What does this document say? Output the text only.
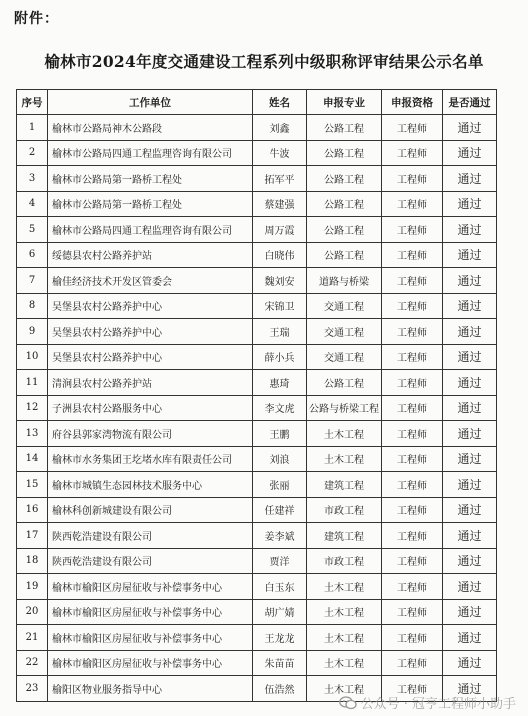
附件：
榆林市2024年度交通建设工程系列中级职称评审结果公示名单
序号	工作单位	姓名	申报专业	申报资格	是否通过
1	榆林市公路局神木公路段	刘鑫	公路工程	工程师	通过
2	榆林市公路局四通工程监理咨询有限公司	牛波	公路工程	工程师	通过
3	榆林市公路局第一路桥工程处	拓军平	公路工程	工程师	通过
4	榆林市公路局第一路桥工程处	蔡建强	公路工程	工程师	通过
5	榆林市公路局四通工程监理咨询有限公司	周万霞	公路工程	工程师	通过
6	绥德县农村公路养护站	白晓伟	公路工程	工程师	通过
7	榆佳经济技术开发区管委会	魏刘安	道路与桥梁	工程师	通过
8	吴堡县农村公路养护中心	宋锦卫	交通工程	工程师	通过
9	吴堡县农村公路养护中心	王瑞	交通工程	工程师	通过
10	吴堡县农村公路养护中心	薛小兵	交通工程	工程师	通过
11	清涧县农村公路养护站	惠琦	公路工程	工程师	通过
12	子洲县农村公路服务中心	李文虎	公路与桥梁工程	工程师	通过
13	府谷县郭家湾物流有限公司	王鹏	土木工程	工程师	通过
14	榆林市水务集团王圪堵水库有限责任公司	刘浪	土木工程	工程师	通过
15	榆林市城镇生态园林技术服务中心	张丽	建筑工程	工程师	通过
16	榆林科创新城建设有限公司	任建祥	市政工程	工程师	通过
17	陕西乾浩建设有限公司	姜李斌	建筑工程	工程师	通过
18	陕西乾浩建设有限公司	贾洋	市政工程	工程师	通过
19	榆林市榆阳区房屋征收与补偿事务中心	白玉东	土木工程	工程师	通过
20	榆林市榆阳区房屋征收与补偿事务中心	胡广婧	土木工程	工程师	通过
21	榆林市榆阳区房屋征收与补偿事务中心	王龙龙	土木工程	工程师	通过
22	榆林市榆阳区房屋征收与补偿事务中心	朱苗苗	土木工程	工程师	通过
23	榆阳区物业服务指导中心	伍浩然	土木工程	工程师	通过
公众号 · 冠亨工程师小助手
